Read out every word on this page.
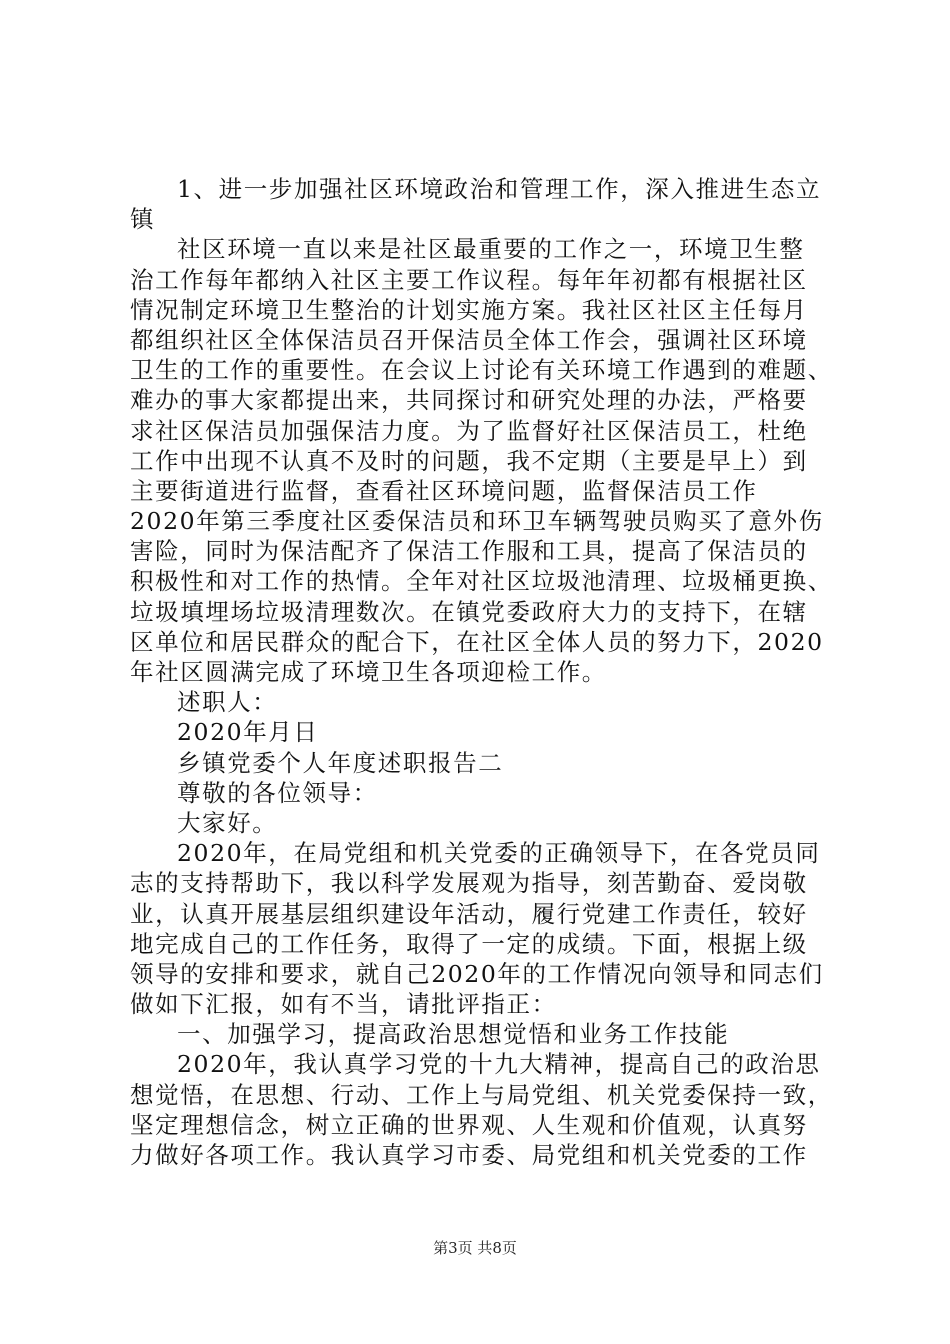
1、进一步加强社区环境政治和管理工作，深入推进生态立
镇
社区环境一直以来是社区最重要的工作之一，环境卫生整
治工作每年都纳入社区主要工作议程。每年年初都有根据社区
情况制定环境卫生整治的计划实施方案。我社区社区主任每月
都组织社区全体保洁员召开保洁员全体工作会，强调社区环境
卫生的工作的重要性。在会议上讨论有关环境工作遇到的难题、
难办的事大家都提出来，共同探讨和研究处理的办法，严格要
求社区保洁员加强保洁力度。为了监督好社区保洁员工，杜绝
工作中出现不认真不及时的问题，我不定期（主要是早上）到
主要街道进行监督，查看社区环境问题，监督保洁员工作
2020年第三季度社区委保洁员和环卫车辆驾驶员购买了意外伤
害险，同时为保洁配齐了保洁工作服和工具，提高了保洁员的
积极性和对工作的热情。全年对社区垃圾池清理、垃圾桶更换、
垃圾填埋场垃圾清理数次。在镇党委政府大力的支持下，在辖
区单位和居民群众的配合下，在社区全体人员的努力下，2020
年社区圆满完成了环境卫生各项迎检工作。
述职人：
2020年月日
乡镇党委个人年度述职报告二
尊敬的各位领导：
大家好。
2020年，在局党组和机关党委的正确领导下，在各党员同
志的支持帮助下，我以科学发展观为指导，刻苦勤奋、爱岗敬
业，认真开展基层组织建设年活动，履行党建工作责任，较好
地完成自己的工作任务，取得了一定的成绩。下面，根据上级
领导的安排和要求，就自己2020年的工作情况向领导和同志们
做如下汇报，如有不当，请批评指正：
一、加强学习，提高政治思想觉悟和业务工作技能
2020年，我认真学习党的十九大精神，提高自己的政治思
想觉悟，在思想、行动、工作上与局党组、机关党委保持一致，
坚定理想信念，树立正确的世界观、人生观和价值观，认真努
力做好各项工作。我认真学习市委、局党组和机关党委的工作
第3页 共8页
